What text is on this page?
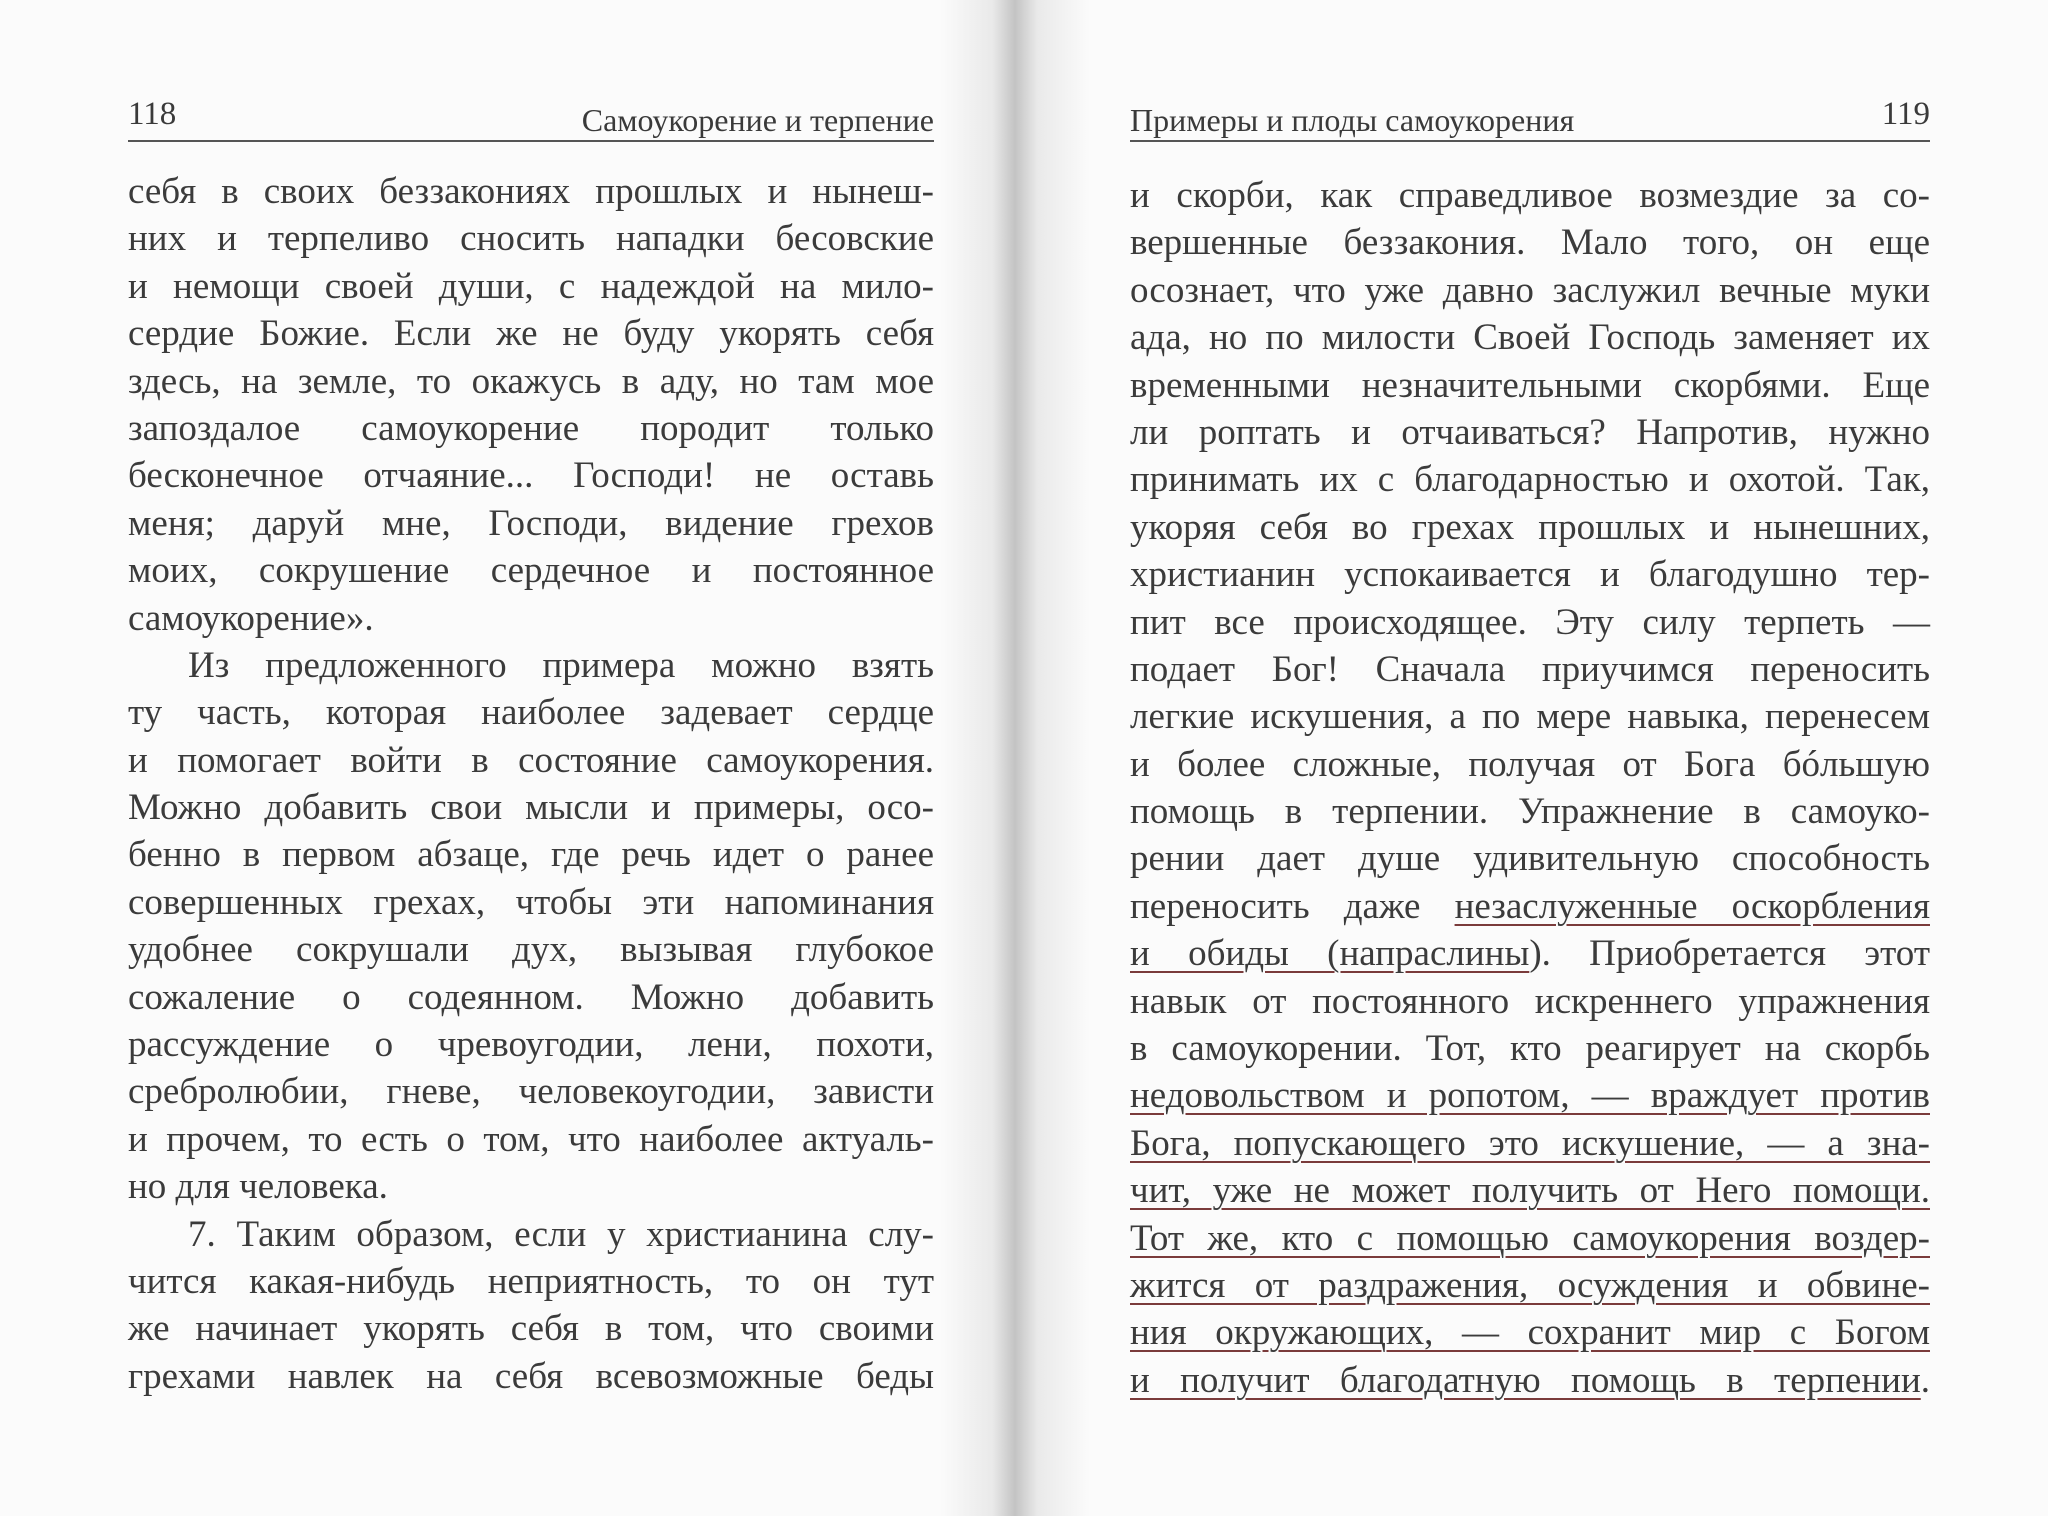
118	Самоукорение и терпение
себя в своих беззакониях прошлых и нынеш-
них и терпеливо сносить нападки бесовские
и немощи своей души, с надеждой на мило-
сердие Божие. Если же не буду укорять себя
здесь, на земле, то окажусь в аду, но там мое
запоздалое самоукорение породит только
бесконечное отчаяние... Господи! не оставь
меня; даруй мне, Господи, видение грехов
моих, сокрушение сердечное и постоянное
самоукорение».
Из предложенного примера можно взять
ту часть, которая наиболее задевает сердце
и помогает войти в состояние самоукорения.
Можно добавить свои мысли и примеры, осо-
бенно в первом абзаце, где речь идет о ранее
совершенных грехах, чтобы эти напоминания
удобнее сокрушали дух, вызывая глубокое
сожаление о содеянном. Можно добавить
рассуждение о чревоугодии, лени, похоти,
сребролюбии, гневе, человекоугодии, зависти
и прочем, то есть о том, что наиболее актуаль-
но для человека.
7. Таким образом, если у христианина слу-
чится какая-нибудь неприятность, то он тут
же начинает укорять себя в том, что своими
грехами навлек на себя всевозможные беды
Примеры и плоды самоукорения	119
и скорби, как справедливое возмездие за со-
вершенные беззакония. Мало того, он еще
осознает, что уже давно заслужил вечные муки
ада, но по милости Своей Господь заменяет их
временными незначительными скорбями. Еще
ли роптать и отчаиваться? Напротив, нужно
принимать их с благодарностью и охотой. Так,
укоряя себя во грехах прошлых и нынешних,
христианин успокаивается и благодушно тер-
пит все происходящее. Эту силу терпеть —
подает Бог! Сначала приучимся переносить
легкие искушения, а по мере навыка, перенесем
и более сложные, получая от Бога бóльшую
помощь в терпении. Упражнение в самоуко-
рении дает душе удивительную способность
переносить даже незаслуженные оскорбления
и обиды (напраслины). Приобретается этот
навык от постоянного искреннего упражнения
в самоукорении. Тот, кто реагирует на скорбь
недовольством и ропотом, — враждует против
Бога, попускающего это искушение, — а зна-
чит, уже не может получить от Него помощи.
Тот же, кто с помощью самоукорения воздер-
жится от раздражения, осуждения и обвине-
ния окружающих, — сохранит мир с Богом
и получит благодатную помощь в терпении.
